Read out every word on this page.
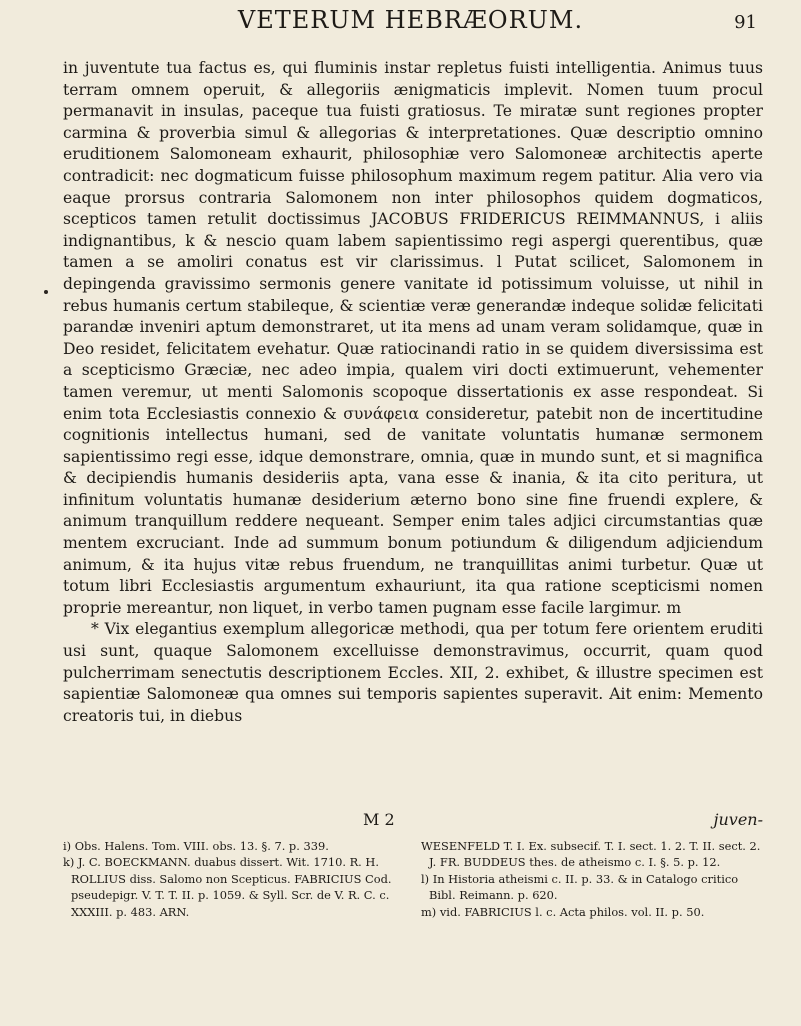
VETERUM HEBRÆORUM.	91

in juventute tua factus es, qui fluminis instar repletus fuisti intelligentia. Animus tuus terram omnem operuit, & allegoriis ænigmaticis implevit. Nomen tuum procul permanavit in insulas, paceque tua fuisti gratiosus. Te miratæ sunt regiones propter carmina & proverbia simul & allegorias & interpretationes. Quæ descriptio omnino eruditionem Salomoneam exhaurit, philosophiæ vero Salomoneæ architectis aperte contradicit: nec dogmaticum fuisse philosophum maximum regem patitur. Alia vero via eaque prorsus contraria Salomonem non inter philosophos quidem dogmaticos, scepticos tamen retulit doctissimus JACOBUS FRIDERICUS REIMMANNUS, i aliis indignantibus, k & nescio quam labem sapientissimo regi aspergi querentibus, quæ tamen a se amoliri conatus est vir clarissimus. l Putat scilicet, Salomonem in depingenda gravissimo sermonis genere vanitate id potissimum voluisse, ut nihil in rebus humanis certum stabileque, & scientiæ veræ generandæ indeque solidæ felicitati parandæ inveniri aptum demonstraret, ut ita mens ad unam veram solidamque, quæ in Deo residet, felicitatem evehatur. Quæ ratiocinandi ratio in se quidem diversissima est a scepticismo Græciæ, nec adeo impia, qualem viri docti extimuerunt, vehementer tamen veremur, ut menti Salomonis scopoque dissertationis ex asse respondeat. Si enim tota Ecclesiastis connexio & συνάφεια consideretur, patebit non de incertitudine cognitionis intellectus humani, sed de vanitate voluntatis humanæ sermonem sapientissimo regi esse, idque demonstrare, omnia, quæ in mundo sunt, et si magnifica & decipiendis humanis desideriis apta, vana esse & inania, & ita cito peritura, ut infinitum voluntatis humanæ desiderium æterno bono sine fine fruendi explere, & animum tranquillum reddere nequeant. Semper enim tales adjici circumstantias quæ mentem excruciant. Inde ad summum bonum potiundum & diligendum adjiciendum animum, & ita hujus vitæ rebus fruendum, ne tranquillitas animi turbetur. Quæ ut totum libri Ecclesiastis argumentum exhauriunt, ita qua ratione scepticismi nomen proprie mereantur, non liquet, in verbo tamen pugnam esse facile largimur. m

* Vix elegantius exemplum allegoricæ methodi, qua per totum fere orientem eruditi usi sunt, quaque Salomonem excelluisse demonstravimus, occurrit, quam quod pulcherrimam senectutis descriptionem Eccles. XII, 2. exhibet, & illustre specimen est sapientiæ Salomoneæ qua omnes sui temporis sapientes superavit. Ait enim: Memento creatoris tui, in diebus

M 2	juven-

i) Obs. Halens. Tom. VIII. obs. 13. §. 7. p. 339.

k) J. C. BOECKMANN. duabus dissert. Wit. 1710. R. H. ROLLIUS diss. Salomo non Scepticus. FABRICIUS Cod. pseudepigr. V. T. T. II. p. 1059. & Syll. Scr. de V. R. C. c. XXXIII. p. 483. ARN.

WESENFELD T. I. Ex. subsecif. T. I. sect. 1. 2. T. II. sect. 2. J. FR. BUDDEUS thes. de atheismo c. I. §. 5. p. 12.

l) In Historia atheismi c. II. p. 33. & in Catalogo critico Bibl. Reimann. p. 620.

m) vid. FABRICIUS l. c. Acta philos. vol. II. p. 50.
